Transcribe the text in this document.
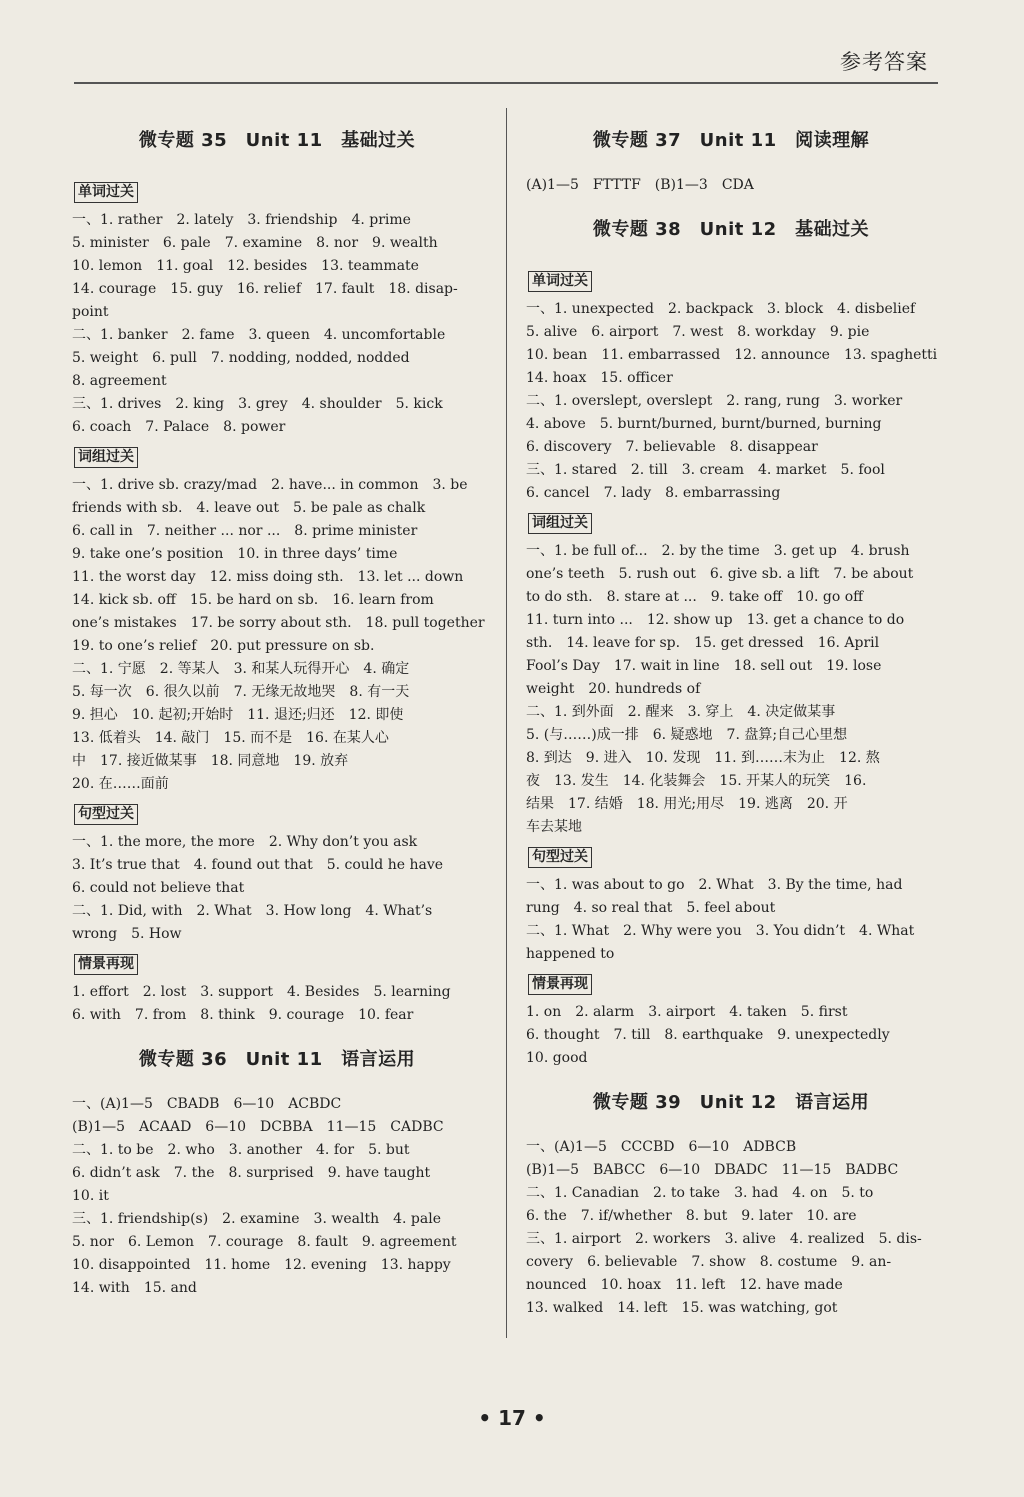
参考答案
微专题 35　Unit 11　基础过关
单词过关
一、1. rather　2. lately　3. friendship　4. prime
5. minister　6. pale　7. examine　8. nor　9. wealth
10. lemon　11. goal　12. besides　13. teammate
14. courage　15. guy　16. relief　17. fault　18. disap-
point
二、1. banker　2. fame　3. queen　4. uncomfortable
5. weight　6. pull　7. nodding, nodded, nodded
8. agreement
三、1. drives　2. king　3. grey　4. shoulder　5. kick
6. coach　7. Palace　8. power
词组过关
一、1. drive sb. crazy/mad　2. have... in common　3. be
friends with sb.　4. leave out　5. be pale as chalk
6. call in　7. neither ... nor ...　8. prime minister
9. take one’s position　10. in three days’ time
11. the worst day　12. miss doing sth.　13. let ... down
14. kick sb. off　15. be hard on sb.　16. learn from
one’s mistakes　17. be sorry about sth.　18. pull together
19. to one’s relief　20. put pressure on sb.
二、1. 宁愿　2. 等某人　3. 和某人玩得开心　4. 确定
5. 每一次　6. 很久以前　7. 无缘无故地哭　8. 有一天
9. 担心　10. 起初;开始时　11. 退还;归还　12. 即使
13. 低着头　14. 敲门　15. 而不是　16. 在某人心
中　17. 接近做某事　18. 同意地　19. 放弃
20. 在……面前
句型过关
一、1. the more, the more　2. Why don’t you ask
3. It’s true that　4. found out that　5. could he have
6. could not believe that
二、1. Did, with　2. What　3. How long　4. What’s
wrong　5. How
情景再现
1. effort　2. lost　3. support　4. Besides　5. learning
6. with　7. from　8. think　9. courage　10. fear
微专题 36　Unit 11　语言运用
一、(A)1—5　CBADB　6—10　ACBDC
(B)1—5　ACAAD　6—10　DCBBA　11—15　CADBC
二、1. to be　2. who　3. another　4. for　5. but
6. didn’t ask　7. the　8. surprised　9. have taught
10. it
三、1. friendship(s)　2. examine　3. wealth　4. pale
5. nor　6. Lemon　7. courage　8. fault　9. agreement
10. disappointed　11. home　12. evening　13. happy
14. with　15. and
微专题 37　Unit 11　阅读理解
(A)1—5　FTTTF　(B)1—3　CDA
微专题 38　Unit 12　基础过关
单词过关
一、1. unexpected　2. backpack　3. block　4. disbelief
5. alive　6. airport　7. west　8. workday　9. pie
10. bean　11. embarrassed　12. announce　13. spaghetti
14. hoax　15. officer
二、1. overslept, overslept　2. rang, rung　3. worker
4. above　5. burnt/burned, burnt/burned, burning
6. discovery　7. believable　8. disappear
三、1. stared　2. till　3. cream　4. market　5. fool
6. cancel　7. lady　8. embarrassing
词组过关
一、1. be full of...　2. by the time　3. get up　4. brush
one’s teeth　5. rush out　6. give sb. a lift　7. be about
to do sth.　8. stare at ...　9. take off　10. go off
11. turn into ...　12. show up　13. get a chance to do
sth.　14. leave for sp.　15. get dressed　16. April
Fool’s Day　17. wait in line　18. sell out　19. lose
weight　20. hundreds of
二、1. 到外面　2. 醒来　3. 穿上　4. 决定做某事
5. (与……)成一排　6. 疑惑地　7. 盘算;自己心里想
8. 到达　9. 进入　10. 发现　11. 到……末为止　12. 熬
夜　13. 发生　14. 化装舞会　15. 开某人的玩笑　16.
结果　17. 结婚　18. 用光;用尽　19. 逃离　20. 开
车去某地
句型过关
一、1. was about to go　2. What　3. By the time, had
rung　4. so real that　5. feel about
二、1. What　2. Why were you　3. You didn’t　4. What
happened to
情景再现
1. on　2. alarm　3. airport　4. taken　5. first
6. thought　7. till　8. earthquake　9. unexpectedly
10. good
微专题 39　Unit 12　语言运用
一、(A)1—5　CCCBD　6—10　ADBCB
(B)1—5　BABCC　6—10　DBADC　11—15　BADBC
二、1. Canadian　2. to take　3. had　4. on　5. to
6. the　7. if/whether　8. but　9. later　10. are
三、1. airport　2. workers　3. alive　4. realized　5. dis-
covery　6. believable　7. show　8. costume　9. an-
nounced　10. hoax　11. left　12. have made
13. walked　14. left　15. was watching, got
• 17 •
